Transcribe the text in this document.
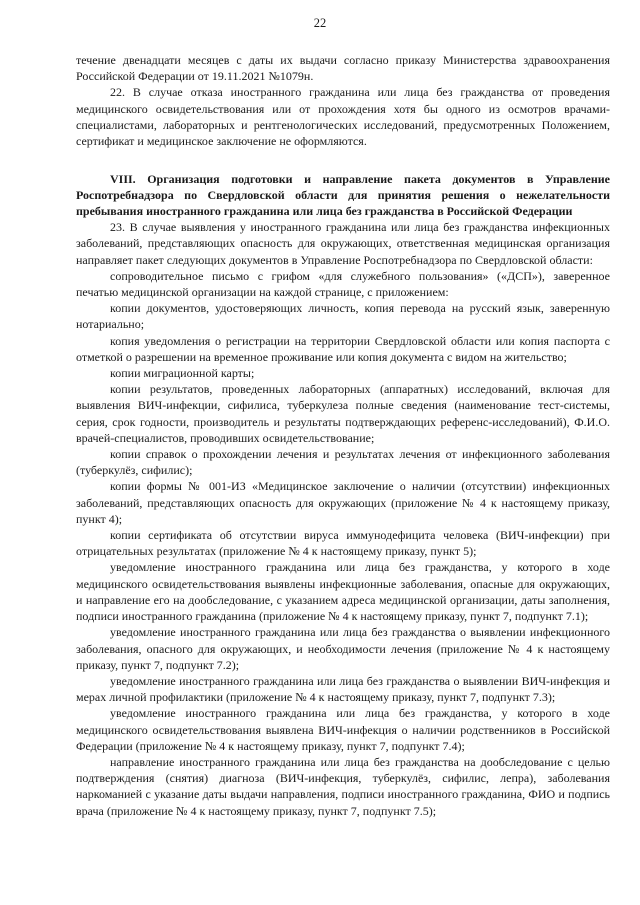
22

течение двенадцати месяцев с даты их выдачи согласно приказу Министерства здравоохранения Российской Федерации от 19.11.2021 №1079н.

22. В случае отказа иностранного гражданина или лица без гражданства от проведения медицинского освидетельствования или от прохождения хотя бы одного из осмотров врачами-специалистами, лабораторных и рентгенологических исследований, предусмотренных Положением, сертификат и медицинское заключение не оформляются.

VIII. Организация подготовки и направление пакета документов в Управление Роспотребнадзора по Свердловской области для принятия решения о нежелательности пребывания иностранного гражданина или лица без гражданства в Российской Федерации

23. В случае выявления у иностранного гражданина или лица без гражданства инфекционных заболеваний, представляющих опасность для окружающих, ответственная медицинская организация направляет пакет следующих документов в Управление Роспотребнадзора по Свердловской области:

сопроводительное письмо с грифом «для служебного пользования» («ДСП»), заверенное печатью медицинской организации на каждой странице, с приложением:

копии документов, удостоверяющих личность, копия перевода на русский язык, заверенную нотариально;

копия уведомления о регистрации на территории Свердловской области или копия паспорта с отметкой о разрешении на временное проживание или копия документа с видом на жительство;

копии миграционной карты;

копии результатов, проведенных лабораторных (аппаратных) исследований, включая для выявления ВИЧ-инфекции, сифилиса, туберкулеза полные сведения (наименование тест-системы, серия, срок годности, производитель и результаты подтверждающих референс-исследований), Ф.И.О. врачей-специалистов, проводивших освидетельствование;

копии справок о прохождении лечения и результатах лечения от инфекционного заболевания (туберкулёз, сифилис);

копии формы № 001-ИЗ «Медицинское заключение о наличии (отсутствии) инфекционных заболеваний, представляющих опасность для окружающих (приложение № 4 к настоящему приказу, пункт 4);

копии сертификата об отсутствии вируса иммунодефицита человека (ВИЧ-инфекции) при отрицательных результатах (приложение № 4 к настоящему приказу, пункт 5);

уведомление иностранного гражданина или лица без гражданства, у которого в ходе медицинского освидетельствования выявлены инфекционные заболевания, опасные для окружающих, и направление его на дообследование, с указанием адреса медицинской организации, даты заполнения, подписи иностранного гражданина (приложение № 4 к настоящему приказу, пункт 7, подпункт 7.1);

уведомление иностранного гражданина или лица без гражданства о выявлении инфекционного заболевания, опасного для окружающих, и необходимости лечения (приложение № 4 к настоящему приказу, пункт 7, подпункт 7.2);

уведомление иностранного гражданина или лица без гражданства о выявлении ВИЧ-инфекция и мерах личной профилактики (приложение № 4 к настоящему приказу, пункт 7, подпункт 7.3);

уведомление иностранного гражданина или лица без гражданства, у которого в ходе медицинского освидетельствования выявлена ВИЧ-инфекция о наличии родственников в Российской Федерации (приложение № 4 к настоящему приказу, пункт 7, подпункт 7.4);

направление иностранного гражданина или лица без гражданства на дообследование с целью подтверждения (снятия) диагноза (ВИЧ-инфекция, туберкулёз, сифилис, лепра), заболевания наркоманией с указание даты выдачи направления, подписи иностранного гражданина, ФИО и подпись врача (приложение № 4 к настоящему приказу, пункт 7, подпункт 7.5);
